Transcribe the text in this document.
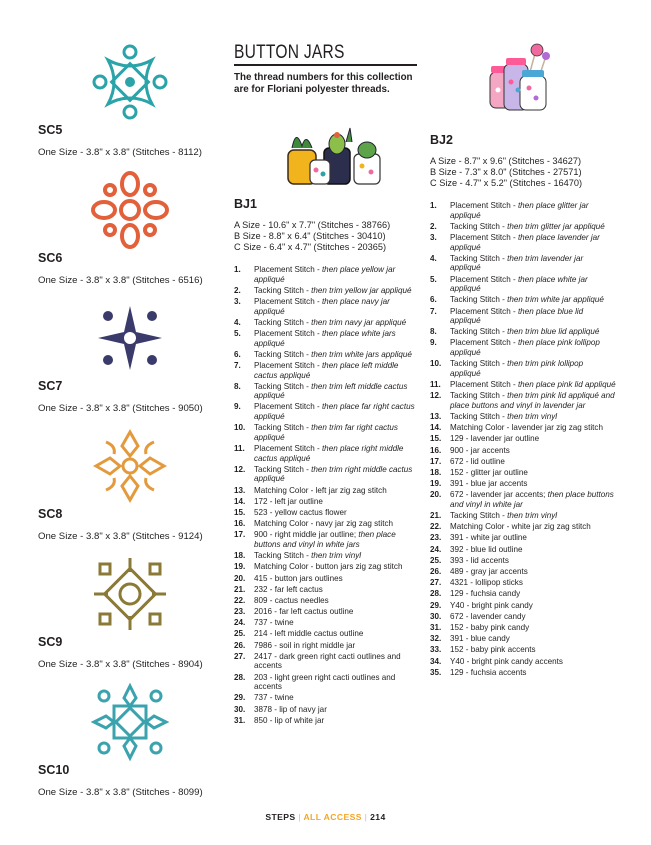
SC5
One Size - 3.8" x 3.8" (Stitches - 8112)
SC6
One Size - 3.8" x 3.8" (Stitches - 6516)
SC7
One Size - 3.8" x 3.8" (Stitches - 9050)
SC8
One Size - 3.8" x 3.8" (Stitches - 9124)
SC9
One Size - 3.8" x 3.8" (Stitches - 8904)
SC10
One Size - 3.8" x 3.8" (Stitches - 8099)
BUTTON JARS
The thread numbers for this collection are for Floriani polyester threads.
BJ2
A Size - 8.7" x 9.6" (Stitches - 34627)
B Size - 7.3" x 8.0" (Stitches - 27571)
C Size - 4.7" x 5.2" (Stitches - 16470)
BJ1
A Size - 10.6" x 7.7" (Stitches - 38766)
B Size - 8.8" x 6.4" (Stitches - 30410)
C Size - 6.4" x 4.7" (Stitches - 20365)
1. Placement Stitch - then place yellow jar appliqué
2. Tacking Stitch - then trim yellow jar appliqué
3. Placement Stitch - then place navy jar appliqué
4. Tacking Stitch - then trim navy jar appliqué
5. Placement Stitch - then place white jars appliqué
6. Tacking Stitch - then trim white jars appliqué
7. Placement Stitch - then place left middle cactus appliqué
8. Tacking Stitch - then trim left middle cactus appliqué
9. Placement Stitch - then place far right cactus appliqué
10. Tacking Stitch - then trim far right cactus appliqué
11. Placement Stitch - then place right middle cactus appliqué
12. Tacking Stitch - then trim right middle cactus appliqué
13. Matching Color - left jar zig zag stitch
14. 172 - left jar outline
15. 523 - yellow cactus flower
16. Matching Color - navy jar zig zag stitch
17. 900 - right middle jar outline; then place buttons and vinyl in white jars
18. Tacking Stitch - then trim vinyl
19. Matching Color - button jars zig zag stitch
20. 415 - button jars outlines
21. 232 - far left cactus
22. 809 - cactus needles
23. 2016 - far left cactus outline
24. 737 - twine
25. 214 - left middle cactus outline
26. 7986 - soil in right middle jar
27. 2417 - dark green right cacti outlines and accents
28. 203 - light green right cacti outlines and accents
29. 737 - twine
30. 3878 - lip of navy jar
31. 850 - lip of white jar
1. Placement Stitch - then place glitter jar appliqué
2. Tacking Stitch - then trim glitter jar appliqué
3. Placement Stitch - then place lavender jar appliqué
4. Tacking Stitch - then trim lavender jar appliqué
5. Placement Stitch - then place white jar appliqué
6. Tacking Stitch - then trim white jar appliqué
7. Placement Stitch - then place blue lid appliqué
8. Tacking Stitch - then trim blue lid appliqué
9. Placement Stitch - then place pink lollipop appliqué
10. Tacking Stitch - then trim pink lollipop appliqué
11. Placement Stitch - then place pink lid appliqué
12. Tacking Stitch - then trim pink lid appliqué and place buttons and vinyl in lavender jar
13. Tacking Stitch - then trim vinyl
14. Matching Color - lavender jar zig zag stitch
15. 129 - lavender jar outline
16. 900 - jar accents
17. 672 - lid outline
18. 152 - glitter jar outline
19. 391 - blue jar accents
20. 672 - lavender jar accents; then place buttons and vinyl in white jar
21. Tacking Stitch - then trim vinyl
22. Matching Color - white jar zig zag stitch
23. 391 - white jar outline
24. 392 - blue lid outline
25. 393 - lid accents
26. 489 - gray jar accents
27. 4321 - lollipop sticks
28. 129 - fuchsia candy
29. Y40 - bright pink candy
30. 672 - lavender candy
31. 152 - baby pink candy
32. 391 - blue candy
33. 152 - baby pink accents
34. Y40 - bright pink candy accents
35. 129 - fuchsia accents
STEPS | ALL ACCESS | 214
